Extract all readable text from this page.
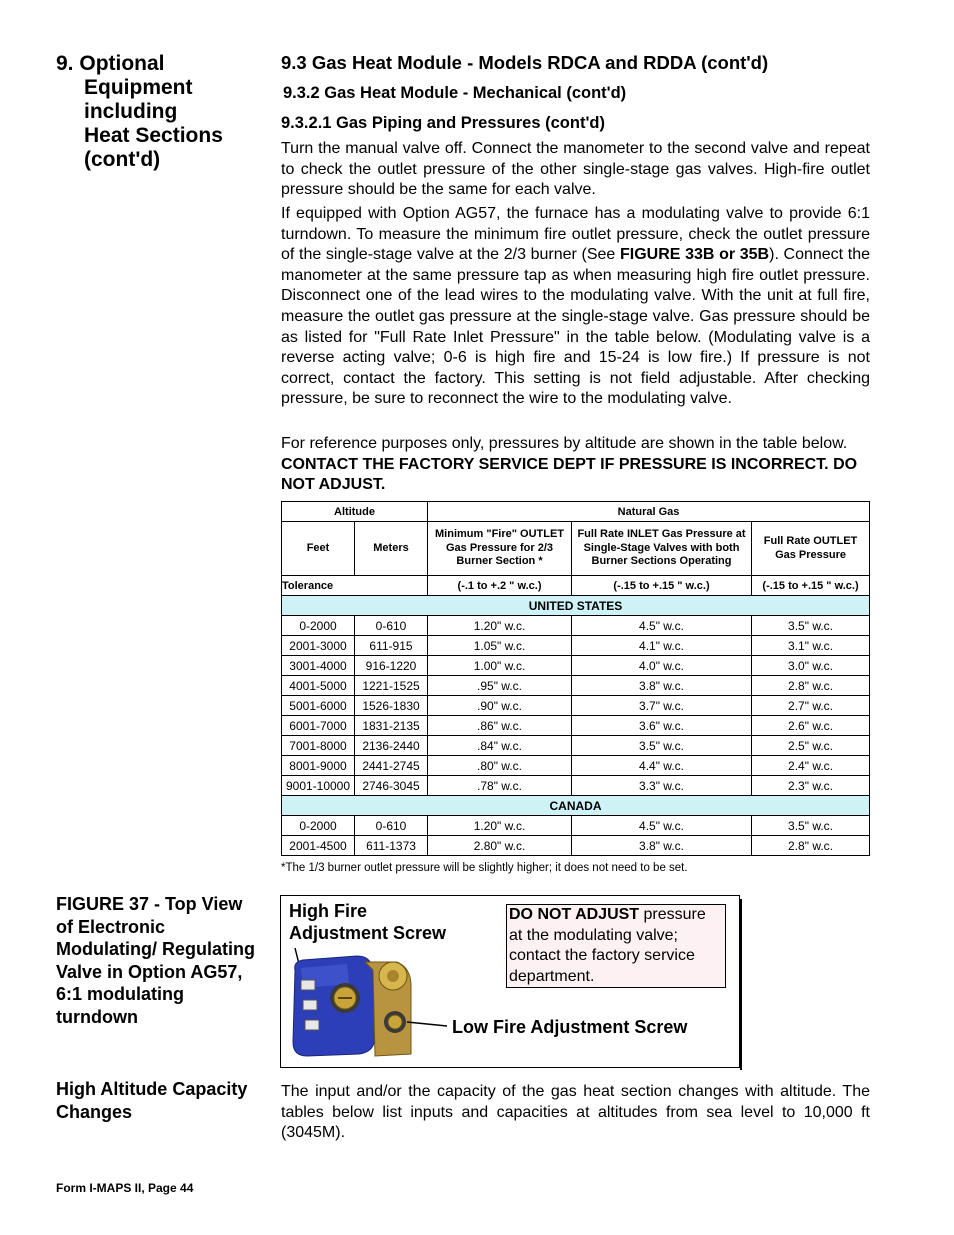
9. Optional
Equipment
including
Heat Sections
(cont'd)
9.3 Gas Heat Module - Models RDCA and RDDA (cont'd)
9.3.2 Gas Heat Module - Mechanical (cont'd)
9.3.2.1 Gas Piping and Pressures (cont'd)
Turn the manual valve off. Connect the manometer to the second valve and repeat to check the outlet pressure of the other single-stage gas valves. High-fire outlet pressure should be the same for each valve.
If equipped with Option AG57, the furnace has a modulating valve to provide 6:1 turndown. To measure the minimum fire outlet pressure, check the outlet pressure of the single-stage valve at the 2/3 burner (See FIGURE 33B or 35B). Connect the manometer at the same pressure tap as when measuring high fire outlet pressure. Disconnect one of the lead wires to the modulating valve. With the unit at full fire, measure the outlet gas pressure at the single-stage valve. Gas pressure should be as listed for "Full Rate Inlet Pressure" in the table below. (Modulating valve is a reverse acting valve; 0-6 is high fire and 15-24 is low fire.) If pressure is not correct, contact the factory. This setting is not field adjustable. After checking pressure, be sure to reconnect the wire to the modulating valve.
For reference purposes only, pressures by altitude are shown in the table below.
CONTACT THE FACTORY SERVICE DEPT IF PRESSURE IS INCORRECT. DO NOT ADJUST.
Altitude		Natural Gas		
Feet	Meters	Minimum "Fire" OUTLET Gas Pressure for 2/3 Burner Section *	Full Rate INLET Gas Pressure at Single-Stage Valves with both Burner Sections Operating	Full Rate OUTLET Gas Pressure
Tolerance		(-.1 to +.2 " w.c.)	(-.15 to +.15 " w.c.)	(-.15 to +.15 " w.c.)
UNITED STATES				
0-2000	0-610	1.20" w.c.	4.5" w.c.	3.5" w.c.
2001-3000	611-915	1.05" w.c.	4.1" w.c.	3.1" w.c.
3001-4000	916-1220	1.00" w.c.	4.0" w.c.	3.0" w.c.
4001-5000	1221-1525	.95" w.c.	3.8" w.c.	2.8" w.c.
5001-6000	1526-1830	.90" w.c.	3.7" w.c.	2.7" w.c.
6001-7000	1831-2135	.86" w.c.	3.6" w.c.	2.6" w.c.
7001-8000	2136-2440	.84" w.c.	3.5" w.c.	2.5" w.c.
8001-9000	2441-2745	.80" w.c.	4.4" w.c.	2.4" w.c.
9001-10000	2746-3045	.78" w.c.	3.3" w.c.	2.3" w.c.
CANADA				
0-2000	0-610	1.20" w.c.	4.5" w.c.	3.5" w.c.
2001-4500	611-1373	2.80" w.c.	3.8" w.c.	2.8" w.c.
*The 1/3 burner outlet pressure will be slightly higher; it does not need to be set.
FIGURE 37 - Top View of Electronic Modulating/ Regulating Valve in Option AG57, 6:1 modulating turndown
High Fire
Adjustment Screw
DO NOT ADJUST pressure at the modulating valve; contact the factory service department.
Low Fire Adjustment Screw
High Altitude Capacity Changes
The input and/or the capacity of the gas heat section changes with altitude. The tables below list inputs and capacities at altitudes from sea level to 10,000 ft (3045M).
Form I-MAPS II, Page 44
